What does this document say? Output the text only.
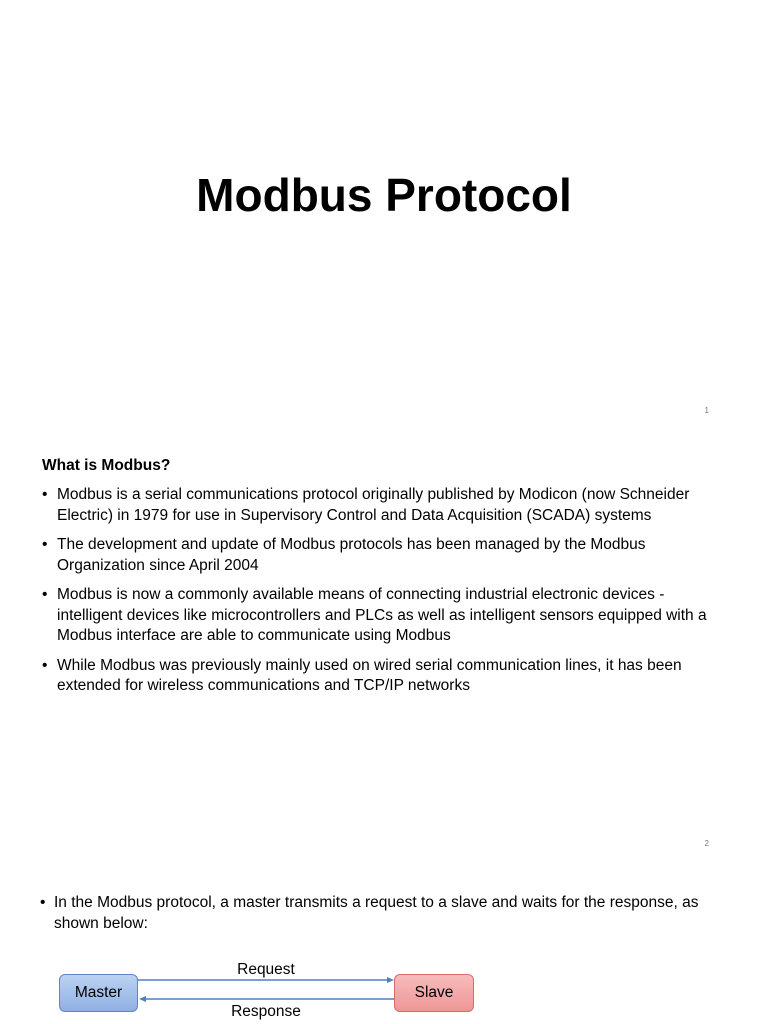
Modbus Protocol
1
What is Modbus?
• Modbus is a serial communications protocol originally published by Modicon (now Schneider Electric) in 1979 for use in Supervisory Control and Data Acquisition (SCADA) systems
• The development and update of Modbus protocols has been managed by the Modbus Organization since April 2004
• Modbus is now a commonly available means of connecting industrial electronic devices - intelligent devices like microcontrollers and PLCs as well as intelligent sensors equipped with a Modbus interface are able to communicate using Modbus
• While Modbus was previously mainly used on wired serial communication lines, it has been extended for wireless communications and TCP/IP networks
2
• In the Modbus protocol, a master transmits a request to a slave and waits for the response, as shown below:
Request
Master	Slave
Response
